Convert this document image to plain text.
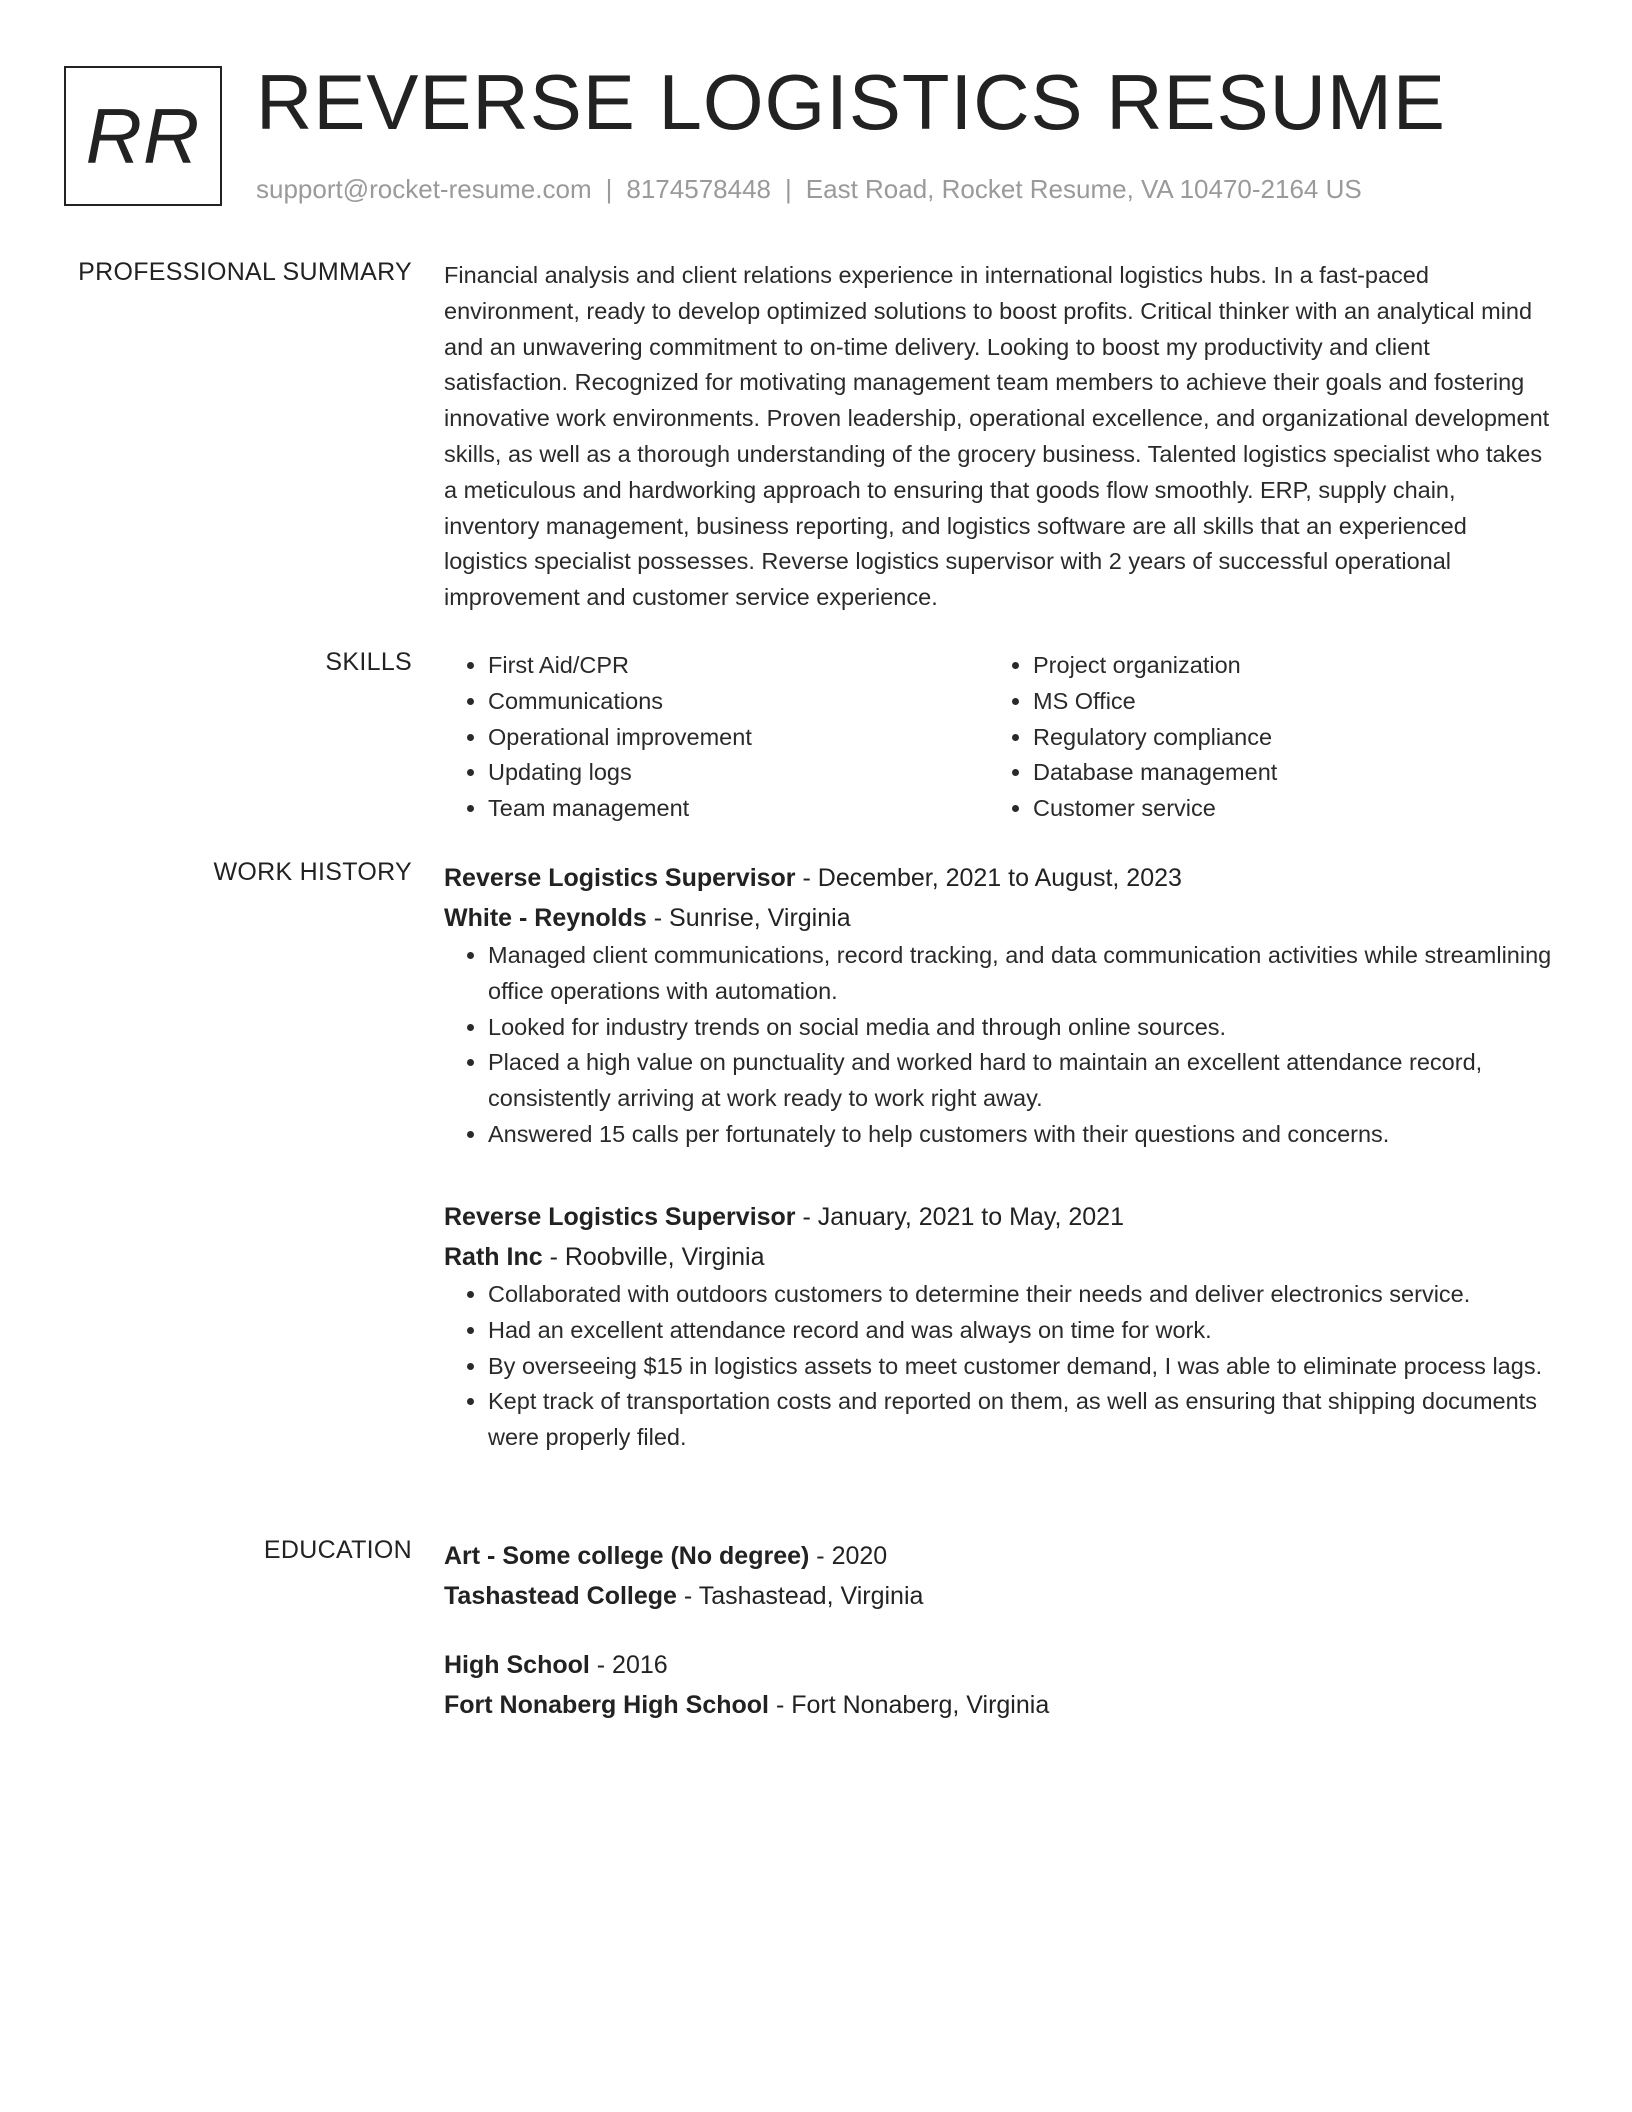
RR REVERSE LOGISTICS RESUME
support@rocket-resume.com | 8174578448 | East Road, Rocket Resume, VA 10470-2164 US
PROFESSIONAL SUMMARY Financial analysis and client relations experience in international logistics hubs. In a fast-paced environment, ready to develop optimized solutions to boost profits. Critical thinker with an analytical mind and an unwavering commitment to on-time delivery. Looking to boost my productivity and client satisfaction. Recognized for motivating management team members to achieve their goals and fostering innovative work environments. Proven leadership, operational excellence, and organizational development skills, as well as a thorough understanding of the grocery business. Talented logistics specialist who takes a meticulous and hardworking approach to ensuring that goods flow smoothly. ERP, supply chain, inventory management, business reporting, and logistics software are all skills that an experienced logistics specialist possesses. Reverse logistics supervisor with 2 years of successful operational improvement and customer service experience.
SKILLS
•	First Aid/CPR
• Communications
• Operational improvement
• Updating logs
• Team management
• Project organization
• MS Office
• Regulatory compliance
• Database management
• Customer service
WORK HISTORY Reverse Logistics Supervisor - December, 2021 to August, 2023
White - Reynolds - Sunrise, Virginia
• Managed client communications, record tracking, and data communication activities while streamlining office operations with automation.
• Looked for industry trends on social media and through online sources.
• Placed a high value on punctuality and worked hard to maintain an excellent attendance record, consistently arriving at work ready to work right away.
• Answered 15 calls per fortunately to help customers with their questions and concerns.
Reverse Logistics Supervisor - January, 2021 to May, 2021
Rath Inc - Roobville, Virginia
• Collaborated with outdoors customers to determine their needs and deliver electronics service.
• Had an excellent attendance record and was always on time for work.
• By overseeing $15 in logistics assets to meet customer demand, I was able to eliminate process lags.
• Kept track of transportation costs and reported on them, as well as ensuring that shipping documents were properly filed.
EDUCATION Art - Some college (No degree) - 2020
Tashastead College - Tashastead, Virginia
High School - 2016
Fort Nonaberg High School - Fort Nonaberg, Virginia
